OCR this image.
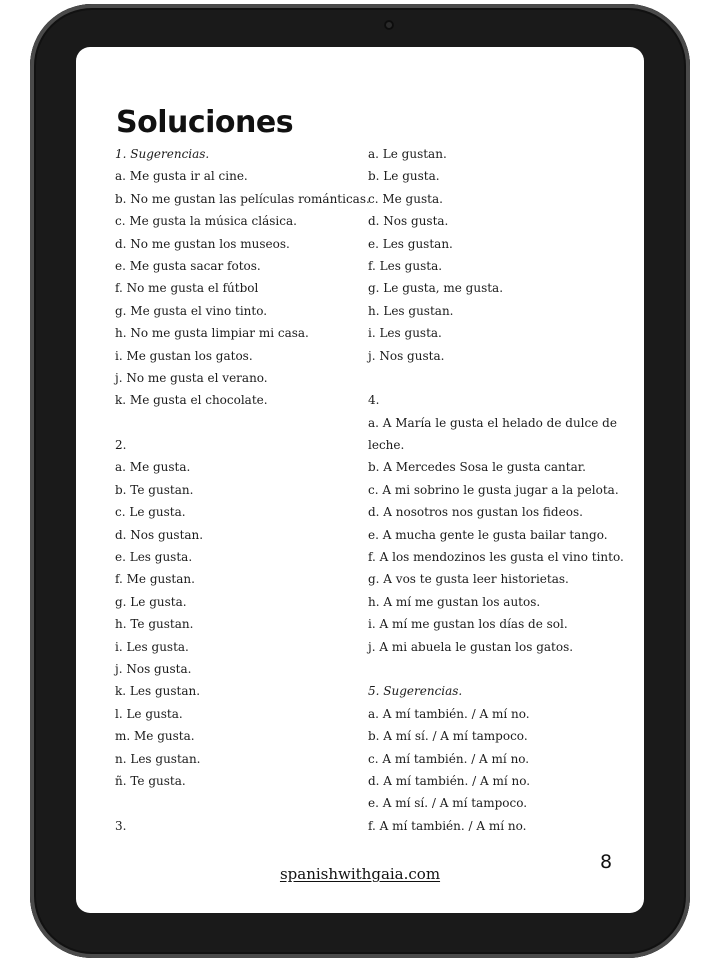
Soluciones
1. Sugerencias.
a. Me gusta ir al cine.
b. No me gustan las películas románticas.
c. Me gusta la música clásica.
d. No me gustan los museos.
e. Me gusta sacar fotos.
f. No me gusta el fútbol
g. Me gusta el vino tinto.
h. No me gusta limpiar mi casa.
i. Me gustan los gatos.
j. No me gusta el verano.
k. Me gusta el chocolate.
2.
a. Me gusta.
b. Te gustan.
c. Le gusta.
d. Nos gustan.
e. Les gusta.
f. Me gustan.
g. Le gusta.
h. Te gustan.
i. Les gusta.
j. Nos gusta.
k. Les gustan.
l. Le gusta.
m. Me gusta.
n. Les gustan.
ñ. Te gusta.
3.
a. Le gustan.
b. Le gusta.
c. Me gusta.
d. Nos gusta.
e. Les gustan.
f. Les gusta.
g. Le gusta, me gusta.
h. Les gustan.
i. Les gusta.
j. Nos gusta.
4.
a. A María le gusta el helado de dulce de leche.
b. A Mercedes Sosa le gusta cantar.
c. A mi sobrino le gusta jugar a la pelota.
d. A nosotros nos gustan los fideos.
e. A mucha gente le gusta bailar tango.
f. A los mendozinos les gusta el vino tinto.
g. A vos te gusta leer historietas.
h. A mí me gustan los autos.
i. A mí me gustan los días de sol.
j. A mi abuela le gustan los gatos.
5. Sugerencias.
a. A mí también. / A mí no.
b. A mí sí. / A mí tampoco.
c. A mí también. / A mí no.
d. A mí también. / A mí no.
e. A mí sí. / A mí tampoco.
f. A mí también. / A mí no.
spanishwithgaia.com
8
